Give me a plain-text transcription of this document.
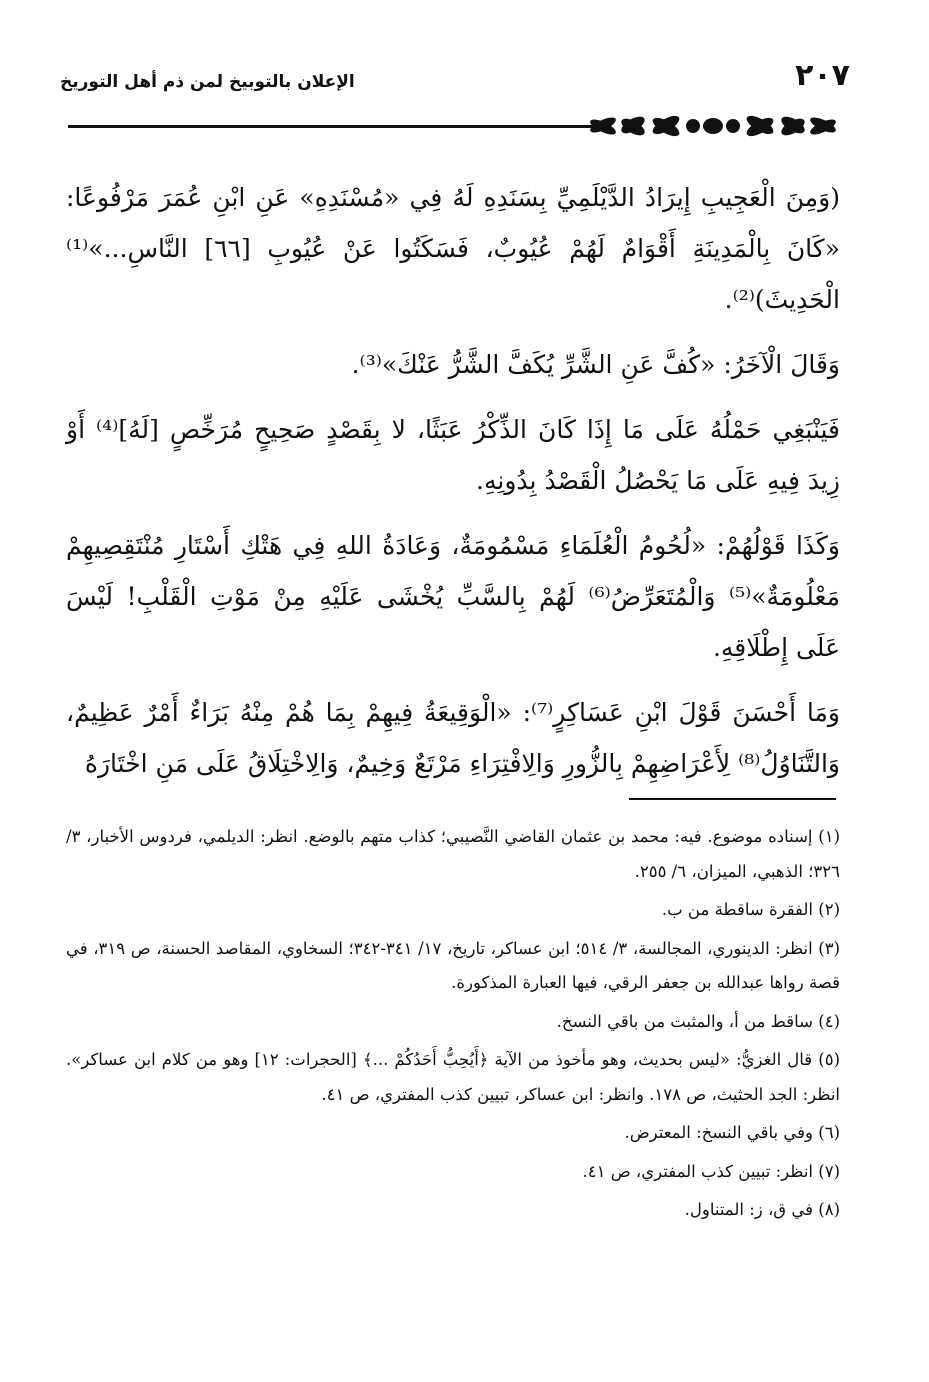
٢٠٧
الإعلان بالتوبيخ لمن ذم أهل التوريخ

(وَمِنَ الْعَجِيبِ إِيرَادُ الدَّيْلَمِيِّ بِسَنَدِهِ لَهُ فِي «مُسْنَدِهِ» عَنِ ابْنِ عُمَرَ مَرْفُوعًا: «كَانَ بِالْمَدِينَةِ أَقْوَامٌ لَهُمْ عُيُوبٌ، فَسَكَتُوا عَنْ عُيُوبِ [٦٦] النَّاسِ...»⁽¹⁾ الْحَدِيثَ)⁽²⁾.

وَقَالَ الْآخَرُ: «كُفَّ عَنِ الشَّرِّ يُكَفَّ الشَّرُّ عَنْكَ»⁽³⁾.

فَيَنْبَغِي حَمْلُهُ عَلَى مَا إِذَا كَانَ الذِّكْرُ عَبَثًا، لا بِقَصْدٍ صَحِيحٍ مُرَخِّصٍ [لَهُ]⁽⁴⁾ أَوْ زِيدَ فِيهِ عَلَى مَا يَحْصُلُ الْقَصْدُ بِدُونِهِ.

وَكَذَا قَوْلُهُمْ: «لُحُومُ الْعُلَمَاءِ مَسْمُومَةٌ، وَعَادَةُ اللهِ فِي هَتْكِ أَسْتَارِ مُنْتَقِصِيهِمْ مَعْلُومَةٌ»⁽⁵⁾ وَالْمُتَعَرِّضُ⁽⁶⁾ لَهُمْ بِالسَّبِّ يُخْشَى عَلَيْهِ مِنْ مَوْتِ الْقَلْبِ! لَيْسَ عَلَى إِطْلَاقِهِ.

وَمَا أَحْسَنَ قَوْلَ ابْنِ عَسَاكِرٍ⁽⁷⁾: «الْوَقِيعَةُ فِيهِمْ بِمَا هُمْ مِنْهُ بَرَاءٌ أَمْرٌ عَظِيمٌ، وَالتَّنَاوُلُ⁽⁸⁾ لِأَعْرَاضِهِمْ بِالزُّورِ وَالِافْتِرَاءِ مَرْتَعٌ وَخِيمٌ، وَالِاخْتِلَاقُ عَلَى مَنِ اخْتَارَهُ

(١) إسناده موضوع. فيه: محمد بن عثمان القاضي النَّصيبي؛ كذاب متهم بالوضع. انظر: الديلمي، فردوس الأخبار، ٣/ ٣٢٦؛ الذهبي، الميزان، ٦/ ٢٥٥.
(٢) الفقرة ساقطة من ب.
(٣) انظر: الدينوري، المجالسة، ٣/ ٥١٤؛ ابن عساكر، تاريخ، ١٧/ ٣٤١-٣٤٢؛ السخاوي، المقاصد الحسنة، ص ٣١٩، في قصة رواها عبدالله بن جعفر الرقي، فيها العبارة المذكورة.
(٤) ساقط من أ، والمثبت من باقي النسخ.
(٥) قال الغزيُّ: «ليس بحديث، وهو مأخوذ من الآية ﴿أَيُحِبُّ أَحَدُكُمْ ...﴾ [الحجرات: ١٢] وهو من كلام ابن عساكر». انظر: الجد الحثيث، ص ١٧٨. وانظر: ابن عساكر، تبيين كذب المفتري، ص ٤١.
(٦) وفي باقي النسخ: المعترض.
(٧) انظر: تبيين كذب المفتري، ص ٤١.
(٨) في ق، ز: المتناول.
